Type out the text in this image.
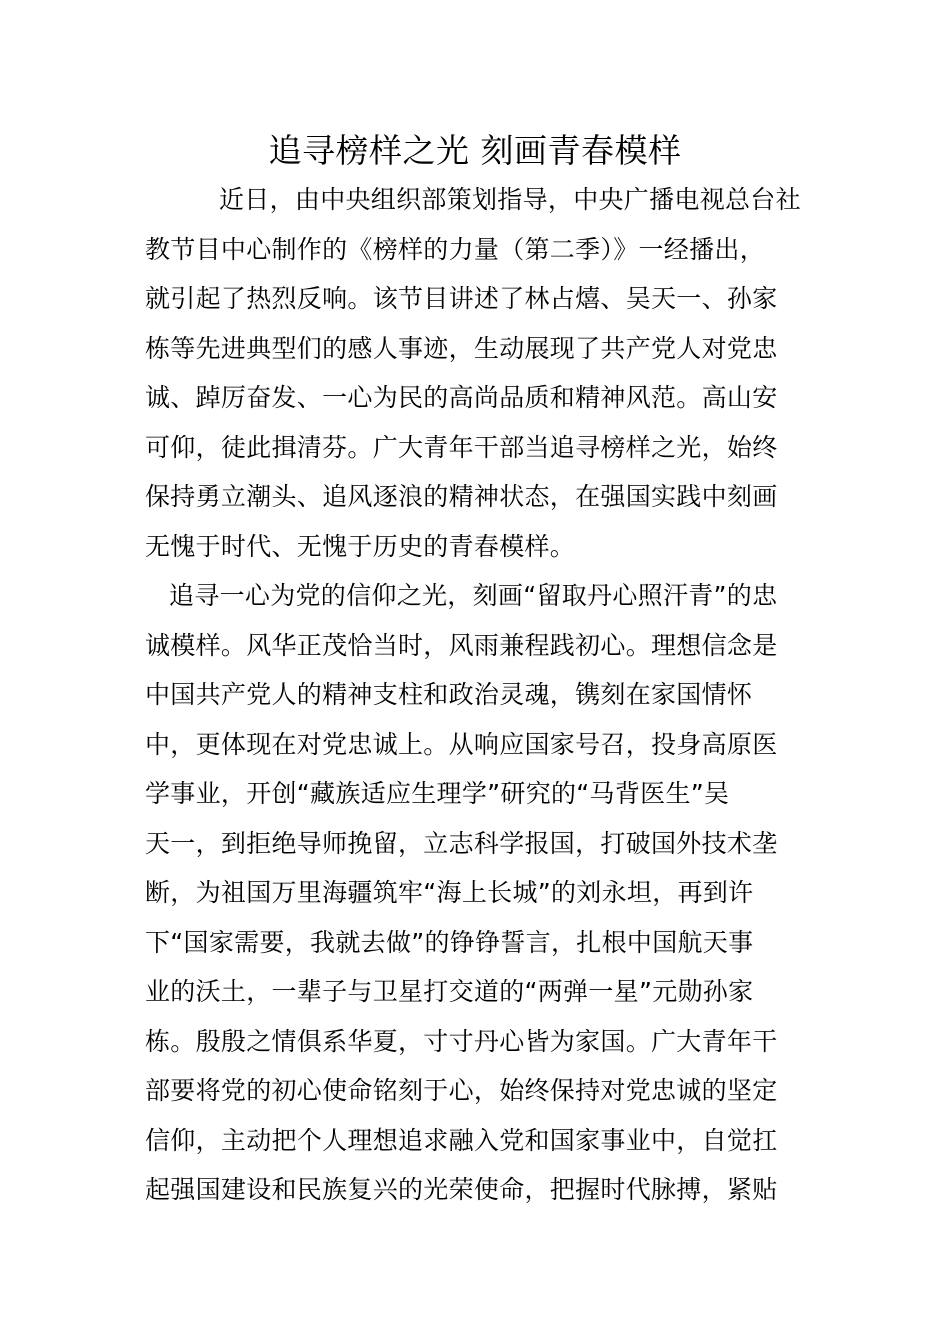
追寻榜样之光 刻画青春模样
近日，由中央组织部策划指导，中央广播电视总台社
教节目中心制作的《榜样的力量（第二季）》一经播出，
就引起了热烈反响。该节目讲述了林占熺、吴天一、孙家
栋等先进典型们的感人事迹，生动展现了共产党人对党忠
诚、踔厉奋发、一心为民的高尚品质和精神风范。高山安
可仰，徒此揖清芬。广大青年干部当追寻榜样之光，始终
保持勇立潮头、追风逐浪的精神状态，在强国实践中刻画
无愧于时代、无愧于历史的青春模样。
追寻一心为党的信仰之光，刻画“留取丹心照汗青”的忠
诚模样。风华正茂恰当时，风雨兼程践初心。理想信念是
中国共产党人的精神支柱和政治灵魂，镌刻在家国情怀
中，更体现在对党忠诚上。从响应国家号召，投身高原医
学事业，开创“藏族适应生理学”研究的“马背医生”吴
天一，到拒绝导师挽留，立志科学报国，打破国外技术垄
断，为祖国万里海疆筑牢“海上长城”的刘永坦，再到许
下“国家需要，我就去做”的铮铮誓言，扎根中国航天事
业的沃土，一辈子与卫星打交道的“两弹一星”元勋孙家
栋。殷殷之情俱系华夏，寸寸丹心皆为家国。广大青年干
部要将党的初心使命铭刻于心，始终保持对党忠诚的坚定
信仰，主动把个人理想追求融入党和国家事业中，自觉扛
起强国建设和民族复兴的光荣使命，把握时代脉搏，紧贴
